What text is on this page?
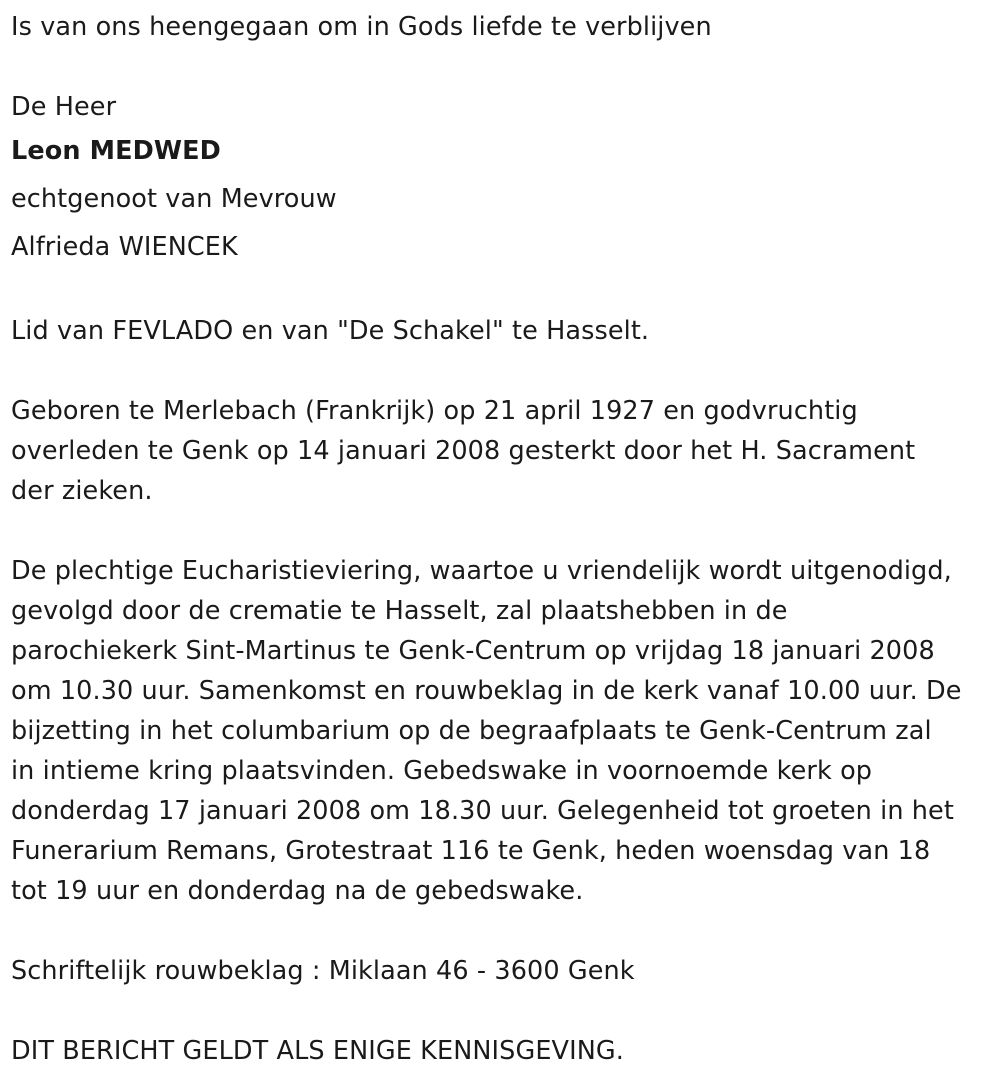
Is van ons heengegaan om in Gods liefde te verblijven
De Heer
Leon MEDWED
echtgenoot van Mevrouw
Alfrieda WIENCEK
Lid van FEVLADO en van "De Schakel" te Hasselt.
Geboren te Merlebach (Frankrijk) op 21 april 1927 en godvruchtig
overleden te Genk op 14 januari 2008 gesterkt door het H. Sacrament
der zieken.
De plechtige Eucharistieviering, waartoe u vriendelijk wordt uitgenodigd,
gevolgd door de crematie te Hasselt, zal plaatshebben in de
parochiekerk Sint-Martinus te Genk-Centrum op vrijdag 18 januari 2008
om 10.30 uur. Samenkomst en rouwbeklag in de kerk vanaf 10.00 uur. De
bijzetting in het columbarium op de begraafplaats te Genk-Centrum zal
in intieme kring plaatsvinden. Gebedswake in voornoemde kerk op
donderdag 17 januari 2008 om 18.30 uur. Gelegenheid tot groeten in het
Funerarium Remans, Grotestraat 116 te Genk, heden woensdag van 18
tot 19 uur en donderdag na de gebedswake.
Schriftelijk rouwbeklag : Miklaan 46 - 3600 Genk
DIT BERICHT GELDT ALS ENIGE KENNISGEVING.
